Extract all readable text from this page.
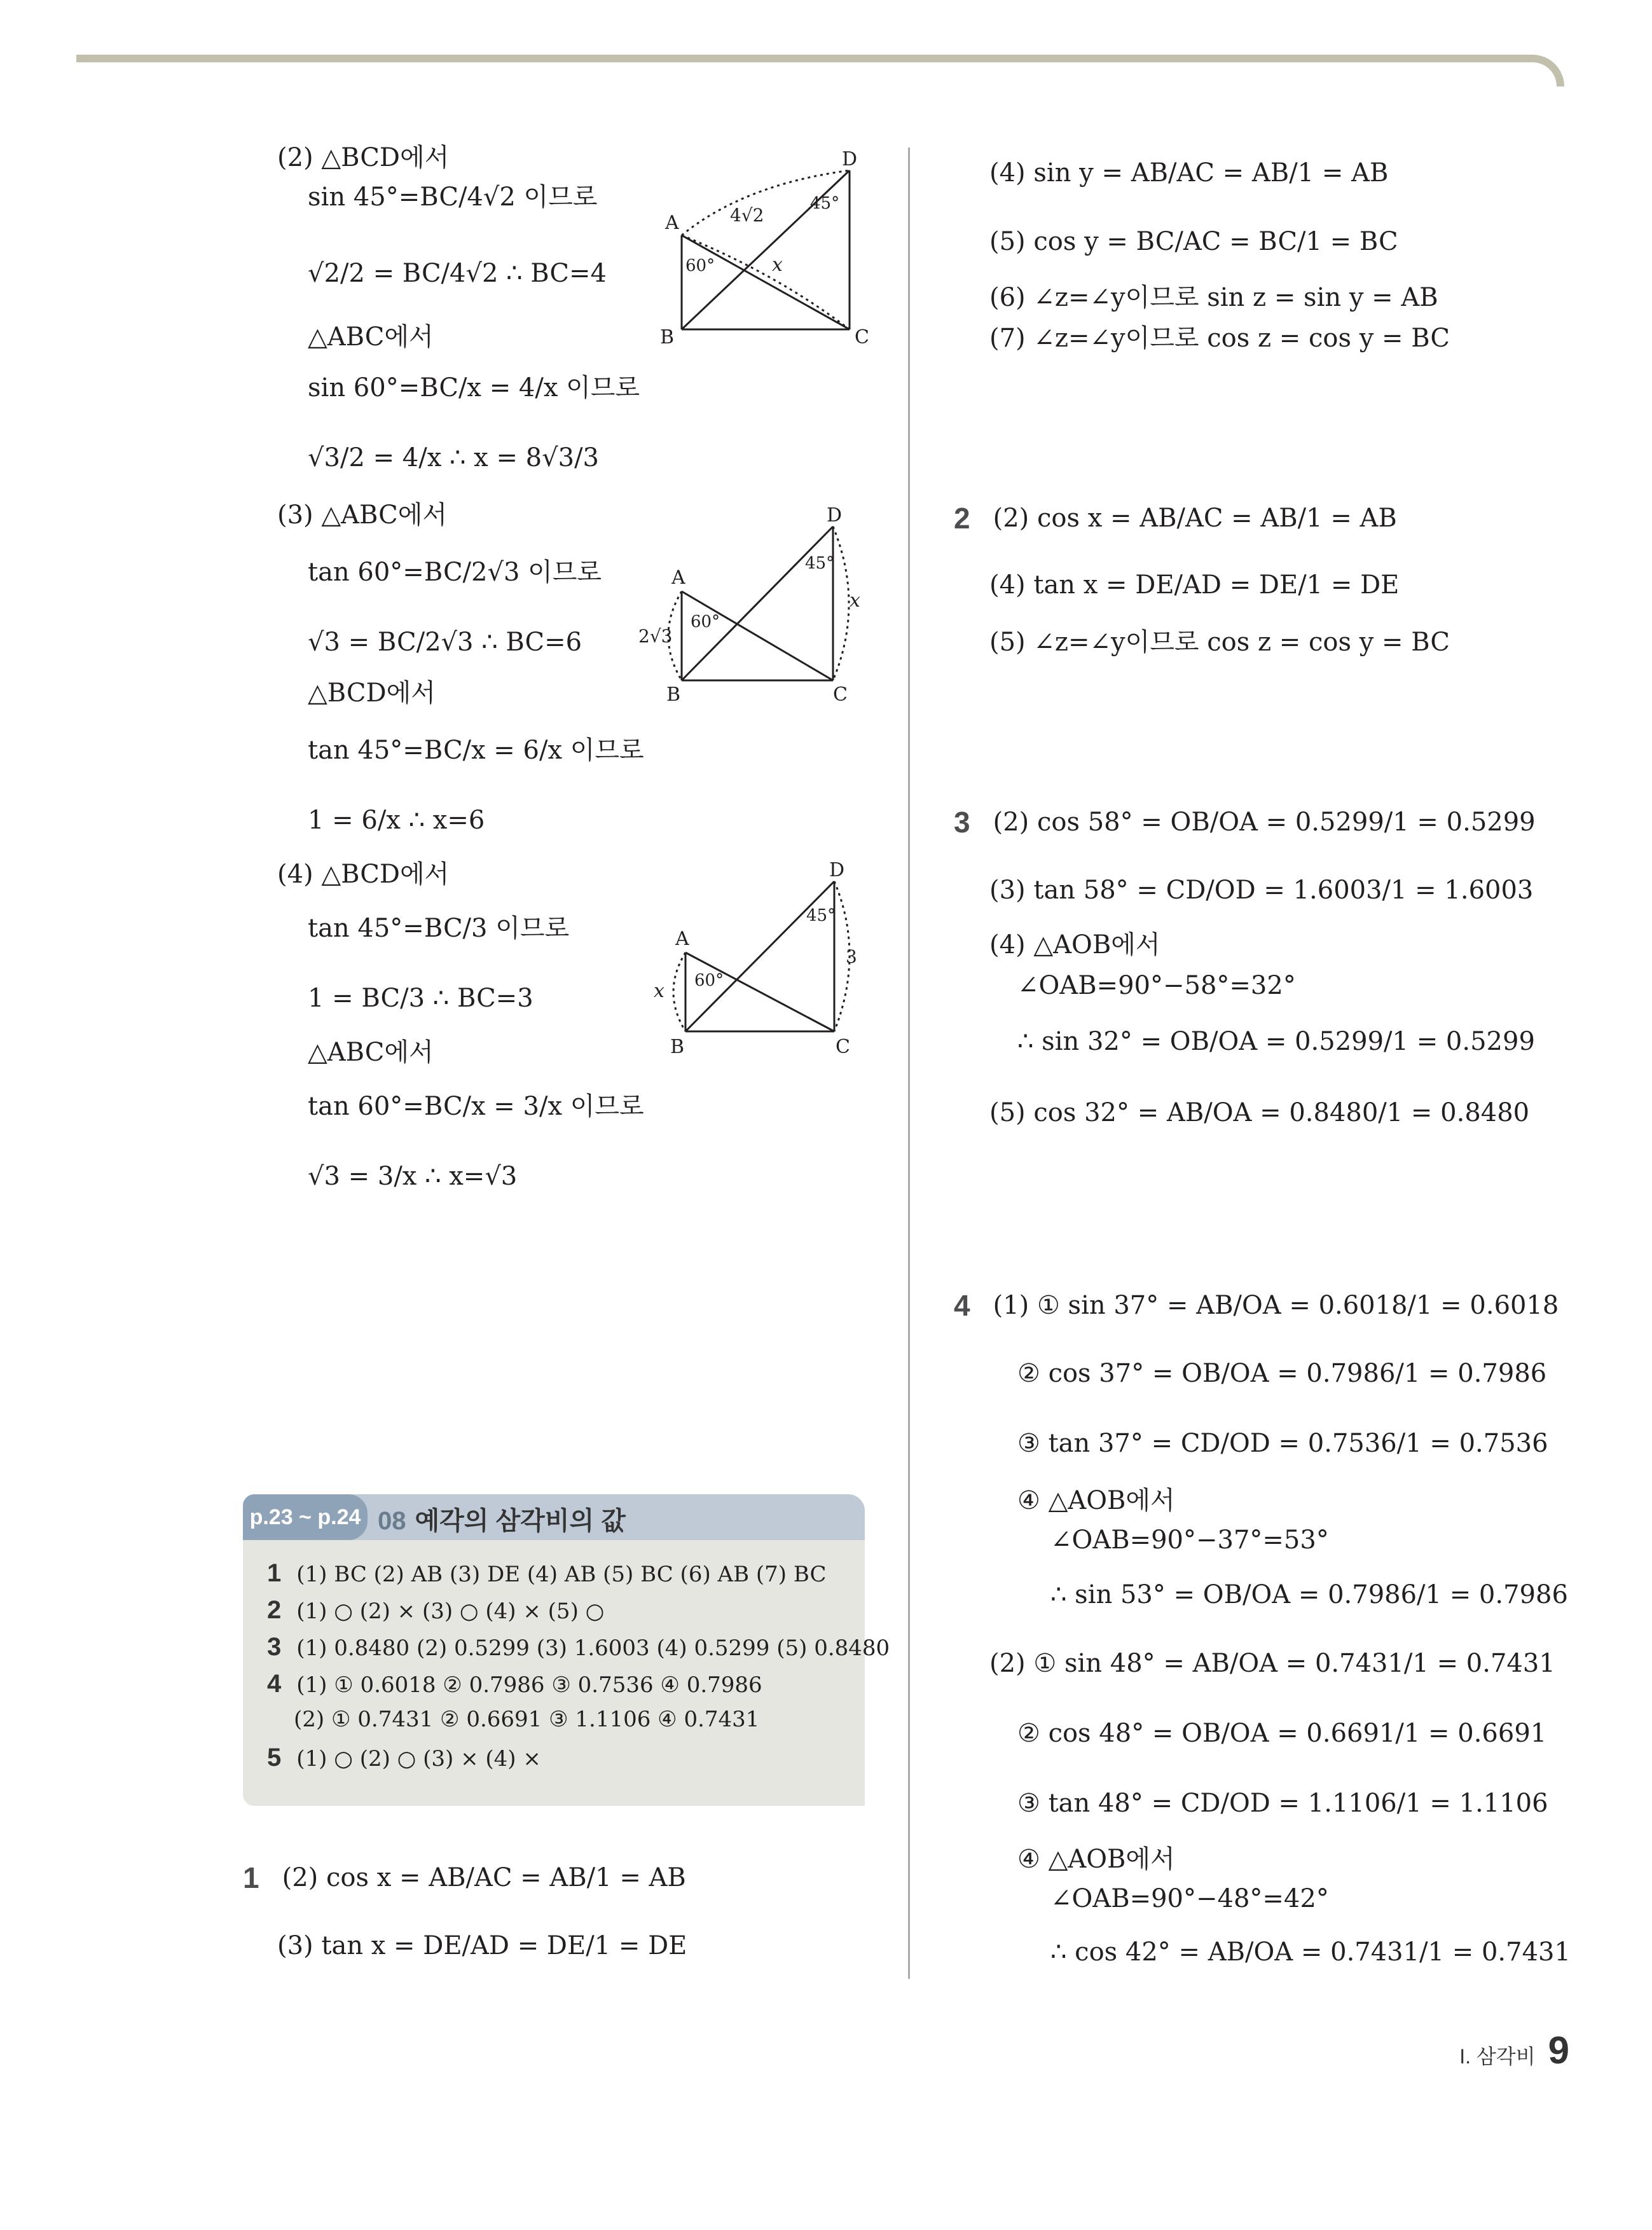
(2) △BCD에서
sin 45°=BC/4√2 이므로
√2/2 = BC/4√2 ∴ BC=4
△ABC에서
sin 60°=BC/x = 4/x 이므로
√3/2 = 4/x ∴ x = 8√3/3
(3) △ABC에서
tan 60°=BC/2√3 이므로
√3 = BC/2√3 ∴ BC=6
△BCD에서
tan 45°=BC/x = 6/x 이므로
1 = 6/x ∴ x=6
(4) △BCD에서
tan 45°=BC/3 이므로
1 = BC/3 ∴ BC=3
△ABC에서
tan 60°=BC/x = 3/x 이므로
√3 = 3/x ∴ x=√3
A
B	C
D
4√2
60°
45°
x
A
B	C
D
2√3
60°
45°
x
A
B	C
D
3
60°
45°
x
p.23 ~ p.24 08 예각의 삼각비의 값
1 (1) BC (2) AB (3) DE (4) AB (5) BC (6) AB (7) BC
2 (1) ○ (2) × (3) ○ (4) × (5) ○
3 (1) 0.8480 (2) 0.5299 (3) 1.6003 (4) 0.5299 (5) 0.8480
4 (1) ① 0.6018 ② 0.7986 ③ 0.7536 ④ 0.7986
(2) ① 0.7431 ② 0.6691 ③ 1.1106 ④ 0.7431
5 (1) ○ (2) ○ (3) × (4) ×
1 (2) cos x = AB/AC = AB/1 = AB
(3) tan x = DE/AD = DE/1 = DE
(4) sin y = AB/AC = AB/1 = AB
(5) cos y = BC/AC = BC/1 = BC
(6) ∠z=∠y이므로 sin z = sin y = AB
(7) ∠z=∠y이므로 cos z = cos y = BC
2 (2) cos x = AB/AC = AB/1 = AB
(4) tan x = DE/AD = DE/1 = DE
(5) ∠z=∠y이므로 cos z = cos y = BC
3 (2) cos 58° = OB/OA = 0.5299/1 = 0.5299
(3) tan 58° = CD/OD = 1.6003/1 = 1.6003
(4) △AOB에서
∠OAB=90°−58°=32°
∴ sin 32° = OB/OA = 0.5299/1 = 0.5299
(5) cos 32° = AB/OA = 0.8480/1 = 0.8480
4 (1) ① sin 37° = AB/OA = 0.6018/1 = 0.6018
② cos 37° = OB/OA = 0.7986/1 = 0.7986
③ tan 37° = CD/OD = 0.7536/1 = 0.7536
④ △AOB에서
∠OAB=90°−37°=53°
∴ sin 53° = OB/OA = 0.7986/1 = 0.7986
(2) ① sin 48° = AB/OA = 0.7431/1 = 0.7431
② cos 48° = OB/OA = 0.6691/1 = 0.6691
③ tan 48° = CD/OD = 1.1106/1 = 1.1106
④ △AOB에서
∠OAB=90°−48°=42°
∴ cos 42° = AB/OA = 0.7431/1 = 0.7431
I. 삼각비 9
